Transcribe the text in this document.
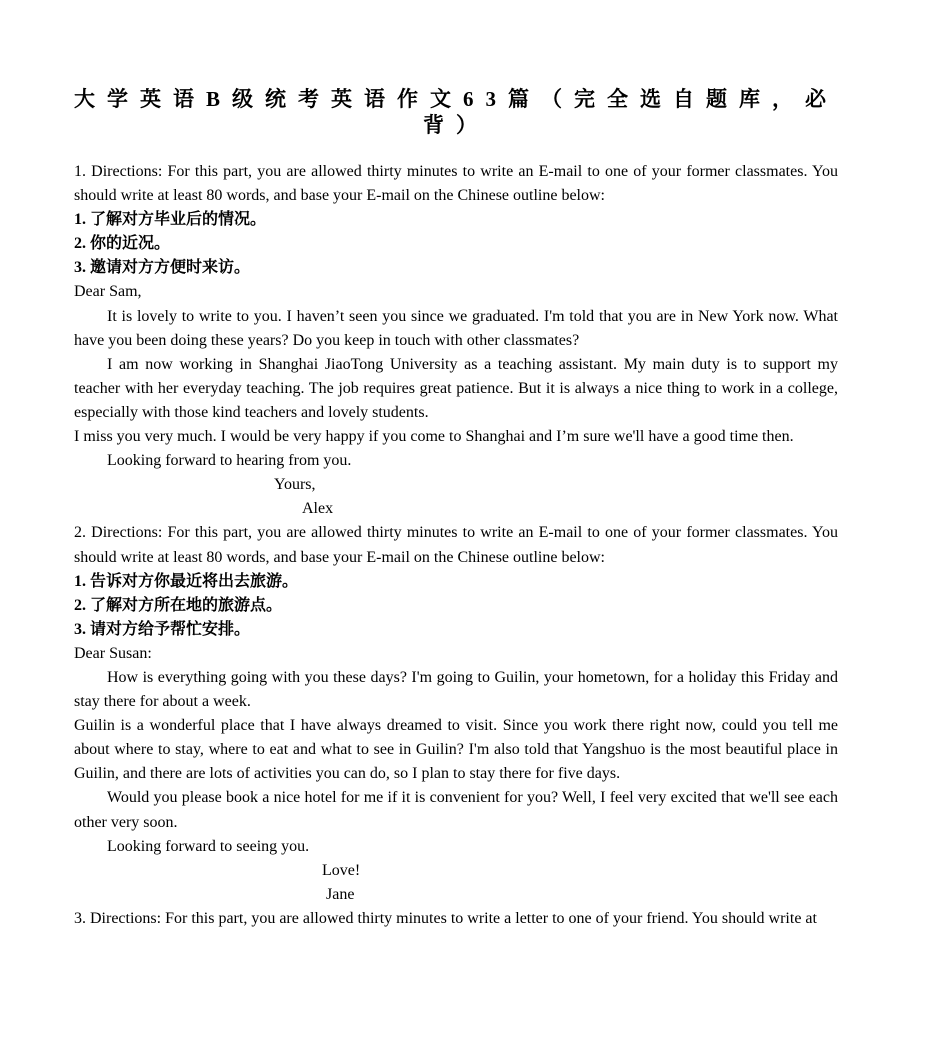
大学英语B级统考英语作文63篇（完全选自题库，必背）

1. Directions: For this part, you are allowed thirty minutes to write an E-mail to one of your former classmates. You should write at least 80 words, and base your E-mail on the Chinese outline below:

1. 了解对方毕业后的情况。

2. 你的近况。

3. 邀请对方方便时来访。

Dear Sam,

It is lovely to write to you. I haven’t seen you since we graduated. I'm told that you are in New York now. What have you been doing these years? Do you keep in touch with other classmates?

I am now working in Shanghai JiaoTong University as a teaching assistant. My main duty is to support my teacher with her everyday teaching. The job requires great patience. But it is always a nice thing to work in a college, especially with those kind teachers and lovely students.

I miss you very much. I would be very happy if you come to Shanghai and I’m sure we'll have a good time then.

Looking forward to hearing from you.

Yours,

Alex

2. Directions: For this part, you are allowed thirty minutes to write an E-mail to one of your former classmates. You should write at least 80 words, and base your E-mail on the Chinese outline below:

1. 告诉对方你最近将出去旅游。

2. 了解对方所在地的旅游点。

3. 请对方给予帮忙安排。

Dear Susan:

How is everything going with you these days? I'm going to Guilin, your hometown, for a holiday this Friday and stay there for about a week.

Guilin is a wonderful place that I have always dreamed to visit. Since you work there right now, could you tell me about where to stay, where to eat and what to see in Guilin? I'm also told that Yangshuo is the most beautiful place in Guilin, and there are lots of activities you can do, so I plan to stay there for five days.

Would you please book a nice hotel for me if it is convenient for you? Well, I feel very excited that we'll see each other very soon.

Looking forward to seeing you.

Love!

Jane

3. Directions: For this part, you are allowed thirty minutes to write a letter to one of your friend. You should write at
